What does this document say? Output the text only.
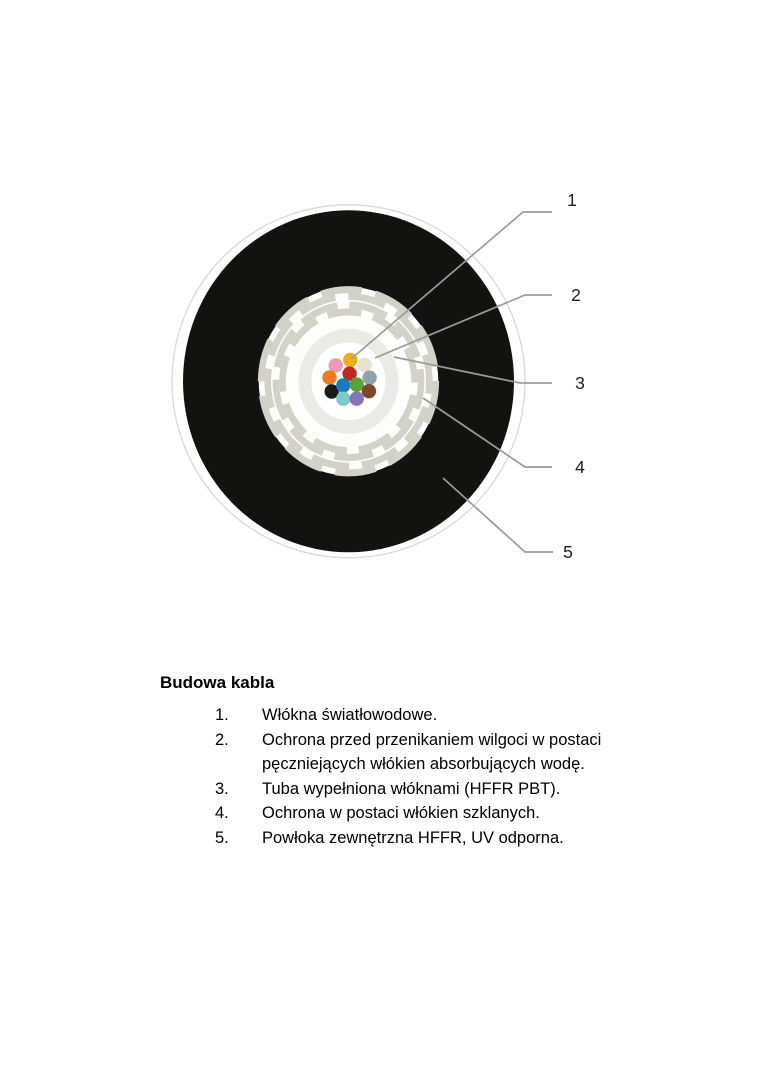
1
2
3
4
5
Budowa kabla
1.	Włókna światłowodowe.
2.	Ochrona przed przenikaniem wilgoci w postaci
pęczniejących włókien absorbujących wodę.
3.	Tuba wypełniona włóknami (HFFR PBT).
4.	Ochrona w postaci włókien szklanych.
5.	Powłoka zewnętrzna HFFR, UV odporna.
